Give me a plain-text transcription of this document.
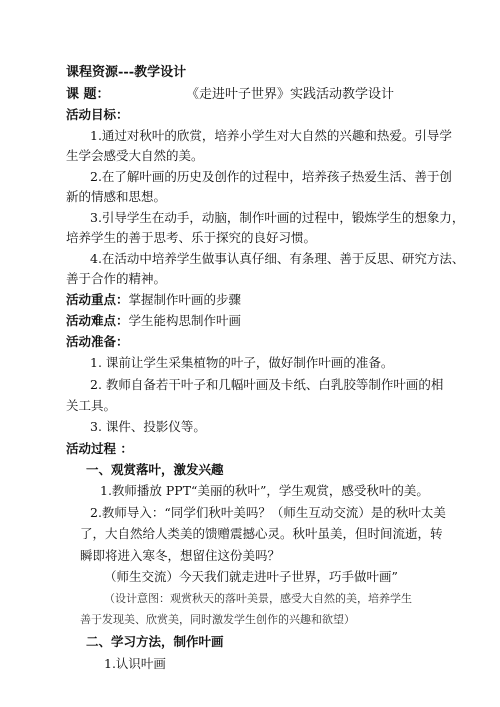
课程资源---教学设计
课 题：	《走进叶子世界》实践活动教学设计
活动目标：
1.通过对秋叶的欣赏，培养小学生对大自然的兴趣和热爱。引导学
生学会感受大自然的美。
2.在了解叶画的历史及创作的过程中，培养孩子热爱生活、善于创
新的情感和思想。
3.引导学生在动手，动脑，制作叶画的过程中，锻炼学生的想象力，
培养学生的善于思考、乐于探究的良好习惯。
4.在活动中培养学生做事认真仔细、有条理、善于反思、研究方法、
善于合作的精神。
活动重点：掌握制作叶画的步骤
活动难点：学生能构思制作叶画
活动准备：
1. 课前让学生采集植物的叶子，做好制作叶画的准备。
2. 教师自备若干叶子和几幅叶画及卡纸、白乳胶等制作叶画的相
关工具。
3. 课件、投影仪等。
活动过程 ：
一、观赏落叶，激发兴趣
1.教师播放 PPT“美丽的秋叶”，学生观赏，感受秋叶的美。
2.教师导入：“同学们秋叶美吗？（师生互动交流）是的秋叶太美
了，大自然给人类美的馈赠震撼心灵。秋叶虽美，但时间流逝，转
瞬即将进入寒冬，想留住这份美吗？
（师生交流）今天我们就走进叶子世界，巧手做叶画”
（设计意图：观赏秋天的落叶美景，感受大自然的美，培养学生
善于发现美、欣赏美，同时激发学生创作的兴趣和欲望）
二、学习方法，制作叶画
1.认识叶画
